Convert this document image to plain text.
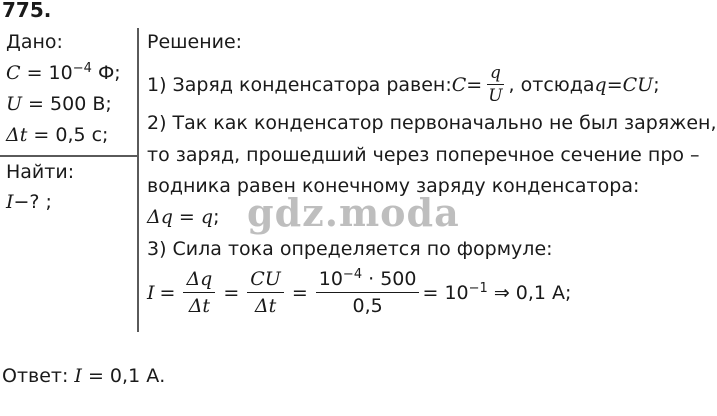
775.
Дано:
$C = 10^{-4}$ Ф;
U = 500 В;
Δt = 0,5 с;
Найти:
I−? ;
Решение:
1) Заряд конденсатора равен: $C = \frac{q}{U}$ , отсюда q = CU ;
2) Так как конденсатор первоначально не был заряжен,
то заряд, прошедший через поперечное сечение про –
водника равен конечному заряду конденсатора:
Δq = q; gdz.moda
3) Сила тока определяется по формуле:
$I = \frac{\Delta q}{\Delta t} = \frac{CU}{\Delta t} = \frac{10^{-4} \cdot 500}{0,5} = 10^{-1}$ ⇒ 0,1 А;
Ответ: I = 0,1 А.
